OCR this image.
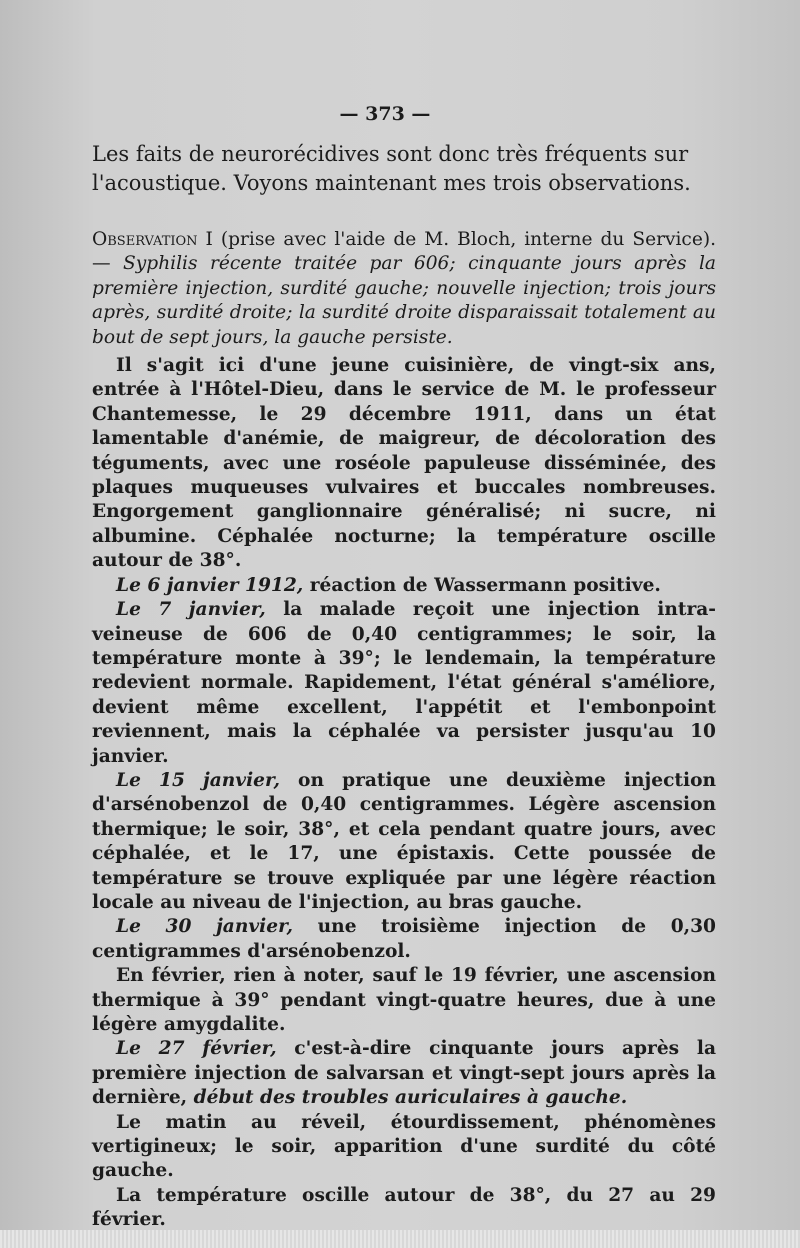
— 373 —

Les faits de neurorécidives sont donc très fréquents sur

l'acoustique. Voyons maintenant mes trois observations.

Observation I (prise avec l'aide de M. Bloch, interne du Service). — Syphilis récente traitée par 606; cinquante jours après la première injection, surdité gauche; nouvelle injection; trois jours après, surdité droite; la surdité droite disparaissait totalement au bout de sept jours, la gauche persiste.

Il s'agit ici d'une jeune cuisinière, de vingt-six ans, entrée à l'Hôtel-Dieu, dans le service de M. le professeur Chantemesse, le 29 décembre 1911, dans un état lamentable d'anémie, de maigreur, de décoloration des téguments, avec une roséole papuleuse disséminée, des plaques muqueuses vulvaires et buccales nombreuses. Engorgement ganglionnaire généralisé; ni sucre, ni albumine. Céphalée nocturne; la température oscille autour de 38°.

Le 6 janvier 1912, réaction de Wassermann positive.

Le 7 janvier, la malade reçoit une injection intra-veineuse de 606 de 0,40 centigrammes; le soir, la température monte à 39°; le lendemain, la température redevient normale. Rapidement, l'état général s'améliore, devient même excellent, l'appétit et l'embonpoint reviennent, mais la céphalée va persister jusqu'au 10 janvier.

Le 15 janvier, on pratique une deuxième injection d'arsénobenzol de 0,40 centigrammes. Légère ascension thermique; le soir, 38°, et cela pendant quatre jours, avec céphalée, et le 17, une épistaxis. Cette poussée de température se trouve expliquée par une légère réaction locale au niveau de l'injection, au bras gauche.

Le 30 janvier, une troisième injection de 0,30 centigrammes d'arsénobenzol.

En février, rien à noter, sauf le 19 février, une ascension thermique à 39° pendant vingt-quatre heures, due à une légère amygdalite.

Le 27 février, c'est-à-dire cinquante jours après la première injection de salvarsan et vingt-sept jours après la dernière, début des troubles auriculaires à gauche.

Le matin au réveil, étourdissement, phénomènes vertigineux; le soir, apparition d'une surdité du côté gauche.

La température oscille autour de 38°, du 27 au 29 février.
